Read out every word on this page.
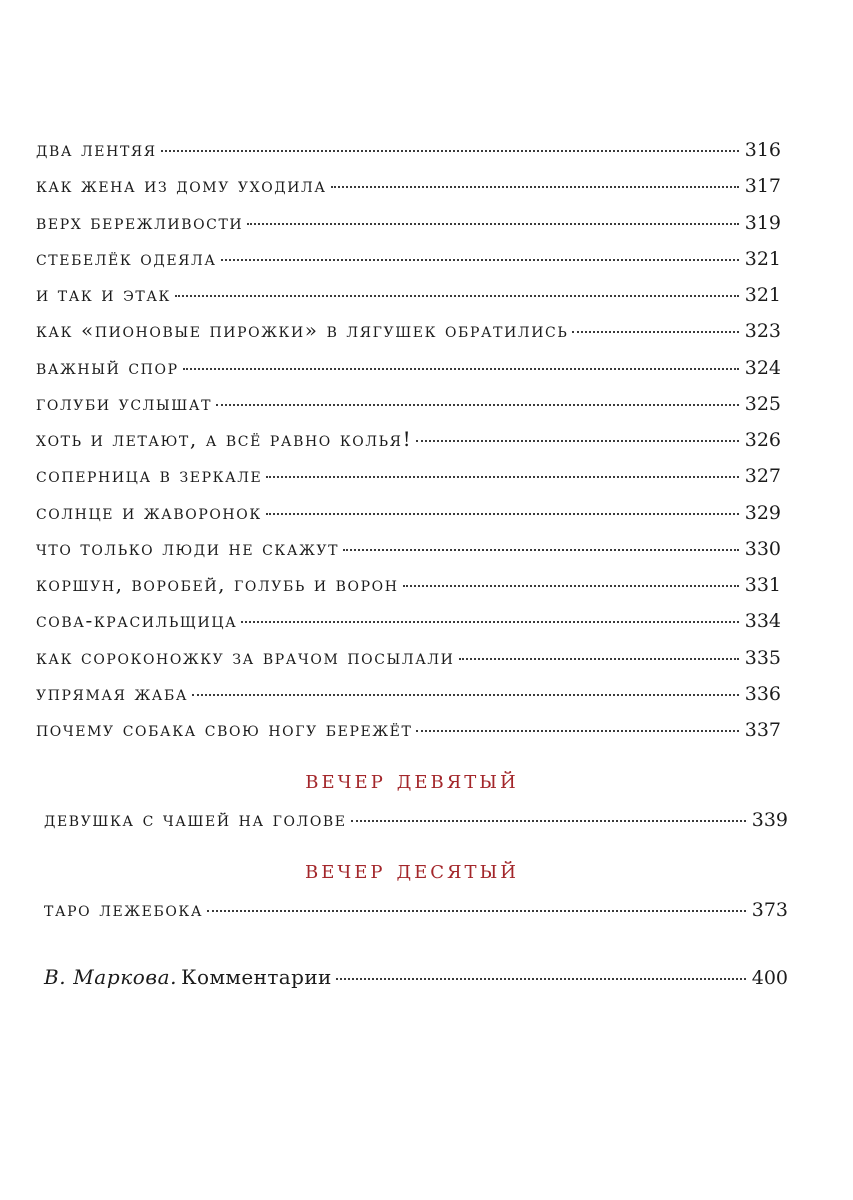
два лентяя	316
как жена из дому уходила	317
верх бережливости	319
стебелёк одеяла	321
и так и этак	321
как «пионовые пирожки» в лягушек обратились	323
важный спор	324
голуби услышат	325
хоть и летают, а всё равно колья!	326
соперница в зеркале	327
солнце и жаворонок	329
что только люди не скажут	330
коршун, воробей, голубь и ворон	331
сова-красильщица	334
как сороконожку за врачом посылали	335
упрямая жаба	336
почему собака свою ногу бережёт	337
вечер девятый
девушка с чашей на голове	339
вечер десятый
таро лежебока	373
В. Маркова. Комментарии	400
